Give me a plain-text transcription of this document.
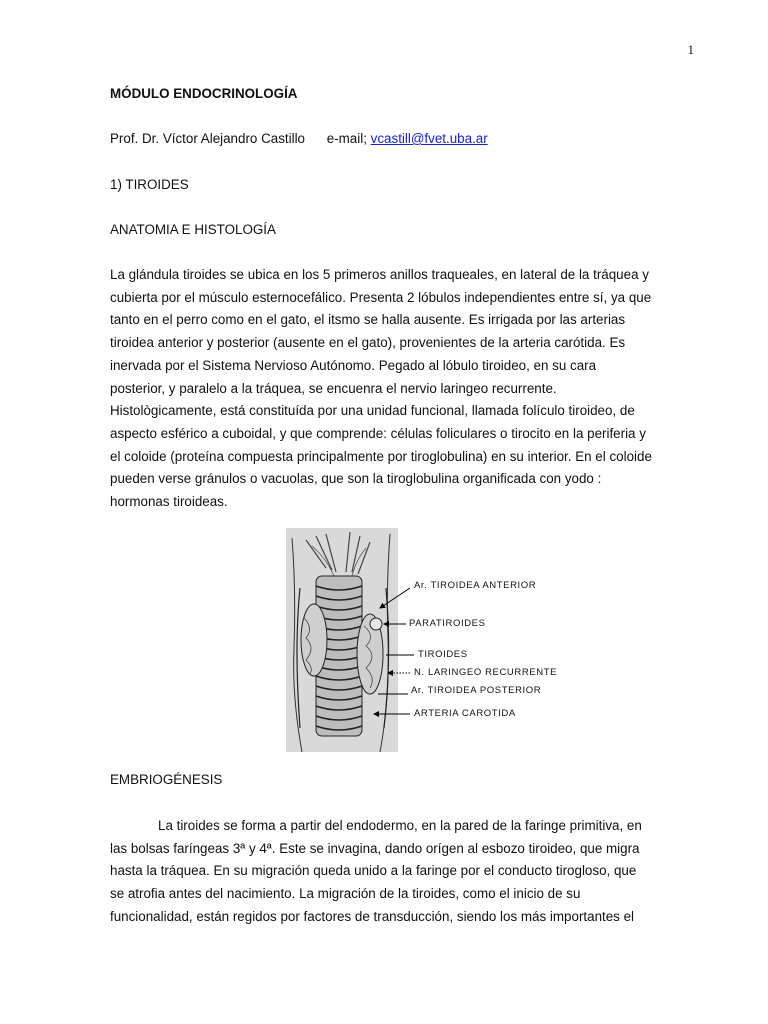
1
MÓDULO ENDOCRINOLOGÍA
Prof. Dr. Víctor Alejandro Castillo e-mail; vcastill@fvet.uba.ar
1) TIROIDES
ANATOMIA E HISTOLOGÍA

La glándula tiroides se ubica en los 5 primeros anillos traqueales, en lateral de la tráquea y

cubierta por el músculo esternocefálico. Presenta 2 lóbulos independientes entre sí, ya que

tanto en el perro como en el gato, el itsmo se halla ausente. Es irrigada por las arterias

tiroidea anterior y posterior (ausente en el gato), provenientes de la arteria carótida. Es

inervada por el Sistema Nervioso Autónomo. Pegado al lóbulo tiroideo, en su cara

posterior, y paralelo a la tráquea, se encuenra el nervio laringeo recurrente.

Histològicamente, está constituída por una unidad funcional, llamada folículo tiroideo, de

aspecto esférico a cuboidal, y que comprende: células foliculares o tirocito en la periferia y

el coloide (proteína compuesta principalmente por tiroglobulina) en su interior. En el coloide

pueden verse gránulos o vacuolas, que son la tiroglobulina organificada con yodo :

hormonas tiroideas.

Ar. TIROIDEA ANTERIOR
PARATIROIDES
TIROIDES
N. LARINGEO RECURRENTE
Ar. TIROIDEA POSTERIOR
ARTERIA CAROTIDA
EMBRIOGÉNESIS

La tiroides se forma a partir del endodermo, en la pared de la faringe primitiva, en

las bolsas faríngeas 3ª y 4ª. Este se invagina, dando orígen al esbozo tiroideo, que migra

hasta la tráquea. En su migración queda unido a la faringe por el conducto tirogloso, que

se atrofia antes del nacimiento. La migración de la tiroides, como el inicio de su

funcionalidad, están regidos por factores de transducción, siendo los más importantes el
